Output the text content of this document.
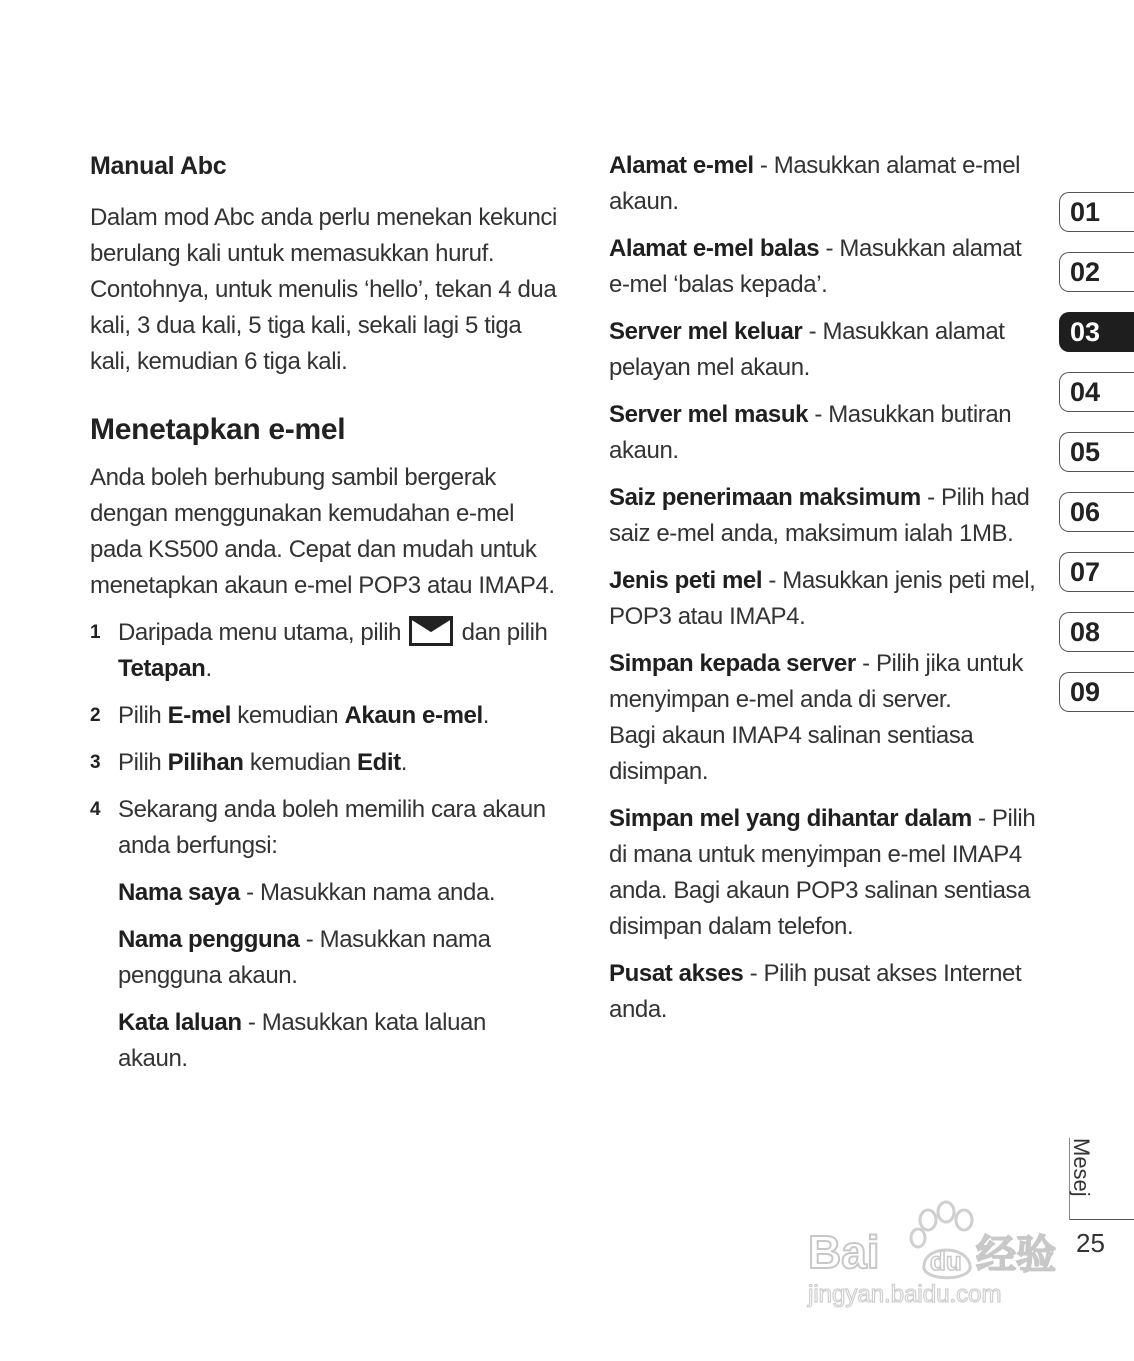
Manual Abc

Dalam mod Abc anda perlu menekan kekunci berulang kali untuk memasukkan huruf. Contohnya, untuk menulis ‘hello’, tekan 4 dua kali, 3 dua kali, 5 tiga kali, sekali lagi 5 tiga kali, kemudian 6 tiga kali.

Menetapkan e-mel

Anda boleh berhubung sambil bergerak dengan menggunakan kemudahan e-mel pada KS500 anda. Cepat dan mudah untuk menetapkan akaun e-mel POP3 atau IMAP4.

1 Daripada menu utama, pilih	dan pilih Tetapan.
2 Pilih E-mel kemudian Akaun e-mel.
3 Pilih Pilihan kemudian Edit.
4 Sekarang anda boleh memilih cara akaun anda berfungsi:
Nama saya - Masukkan nama anda.
Nama pengguna - Masukkan nama pengguna akaun.
Kata laluan - Masukkan kata laluan akaun.

Alamat e-mel - Masukkan alamat e-mel akaun.

Alamat e-mel balas - Masukkan alamat e-mel ‘balas kepada’.

Server mel keluar - Masukkan alamat pelayan mel akaun.

Server mel masuk - Masukkan butiran akaun.

Saiz penerimaan maksimum - Pilih had saiz e-mel anda, maksimum ialah 1MB.

Jenis peti mel - Masukkan jenis peti mel, POP3 atau IMAP4.

Simpan kepada server - Pilih jika untuk menyimpan e-mel anda di server.
Bagi akaun IMAP4 salinan sentiasa disimpan.

Simpan mel yang dihantar dalam - Pilih di mana untuk menyimpan e-mel IMAP4 anda. Bagi akaun POP3 salinan sentiasa disimpan dalam telefon.

Pusat akses - Pilih pusat akses Internet anda.

01
02
03
04
05
06
07
08
09
Mesej
25
Bai du 经验
jingyan.baidu.com
